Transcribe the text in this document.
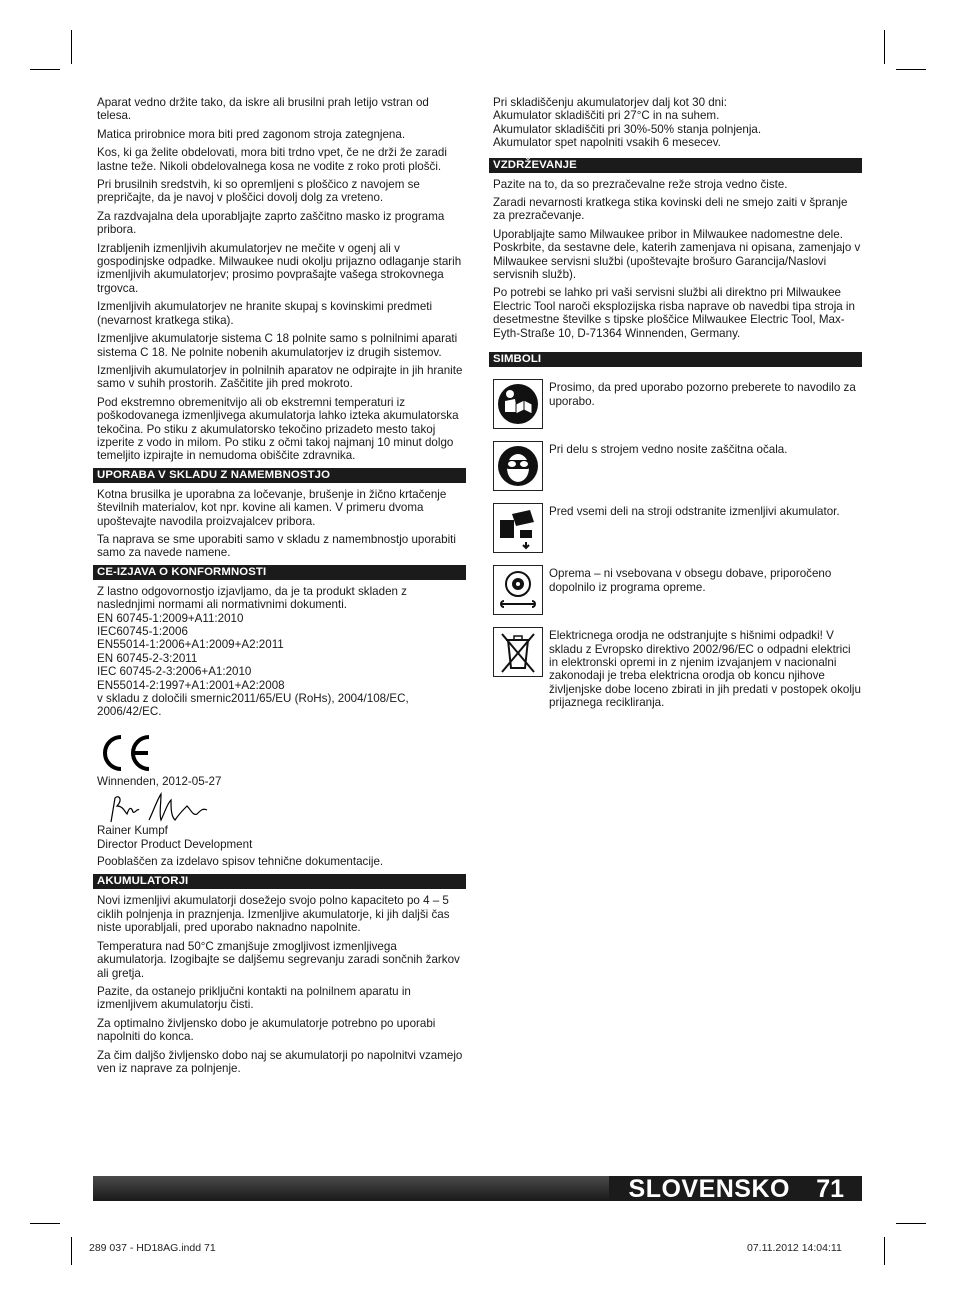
Aparat vedno držite tako, da iskre ali brusilni prah letijo vstran od telesa.

Matica prirobnice mora biti pred zagonom stroja zategnjena.

Kos, ki ga želite obdelovati, mora biti trdno vpet, če ne drži že zaradi lastne teže. Nikoli obdelovalnega kosa ne vodite z roko proti plošči.

Pri brusilnih sredstvih, ki so opremljeni s ploščico z navojem se prepričajte, da je navoj v ploščici dovolj dolg za vreteno.

Za razdvajalna dela uporabljajte zaprto zaščitno masko iz programa pribora.

Izrabljenih izmenljivih akumulatorjev ne mečite v ogenj ali v gospodinjske odpadke. Milwaukee nudi okolju prijazno odlaganje starih izmenljivih akumulatorjev; prosimo povprašajte vašega strokovnega trgovca.

Izmenljivih akumulatorjev ne hranite skupaj s kovinskimi predmeti (nevarnost kratkega stika).

Izmenljive akumulatorje sistema C 18 polnite samo s polnilnimi aparati sistema C 18. Ne polnite nobenih akumulatorjev iz drugih sistemov.

Izmenljivih akumulatorjev in polnilnih aparatov ne odpirajte in jih hranite samo v suhih prostorih. Zaščitite jih pred mokroto.

Pod ekstremno obremenitvijo ali ob ekstremni temperaturi iz poškodovanega izmenljivega akumulatorja lahko izteka akumulatorska tekočina. Po stiku z akumulatorsko tekočino prizadeto mesto takoj izperite z vodo in milom. Po stiku z očmi takoj najmanj 10 minut dolgo temeljito izpirajte in nemudoma obiščite zdravnika.

UPORABA V SKLADU Z NAMEMBNOSTJO

Kotna brusilka je uporabna za ločevanje, brušenje in žično krtačenje številnih materialov, kot npr. kovine ali kamen. V primeru dvoma upoštevajte navodila proizvajalcev pribora.

Ta naprava se sme uporabiti samo v skladu z namembnostjo uporabiti samo za navede namene.

CE-IZJAVA O KONFORMNOSTI
Z lastno odgovornostjo izjavljamo, da je ta produkt skladen z
naslednjimi normami ali normativnimi dokumenti.
EN 60745-1:2009+A11:2010
IEC60745-1:2006
EN55014-1:2006+A1:2009+A2:2011
EN 60745-2-3:2011
IEC 60745-2-3:2006+A1:2010
EN55014-2:1997+A1:2001+A2:2008
v skladu z določili smernic2011/65/EU (RoHs), 2004/108/EC,
2006/42/EC.
Winnenden, 2012-05-27
Rainer Kumpf
Director Product Development

Pooblaščen za izdelavo spisov tehnične dokumentacije.

AKUMULATORJI

Novi izmenljivi akumulatorji dosežejo svojo polno kapaciteto po 4 – 5 ciklih polnjenja in praznjenja. Izmenljive akumulatorje, ki jih daljši čas niste uporabljali, pred uporabo naknadno napolnite.

Temperatura nad 50°C zmanjšuje zmogljivost izmenljivega akumulatorja. Izogibajte se daljšemu segrevanju zaradi sončnih žarkov ali gretja.

Pazite, da ostanejo priključni kontakti na polnilnem aparatu in izmenljivem akumulatorju čisti.

Za optimalno življensko dobo je akumulatorje potrebno po uporabi napolniti do konca.

Za čim daljšo življensko dobo naj se akumulatorji po napolnitvi vzamejo ven iz naprave za polnjenje.

Pri skladiščenju akumulatorjev dalj kot 30 dni:
Akumulator skladiščiti pri 27°C in na suhem.
Akumulator skladiščiti pri 30%-50% stanja polnjenja.
Akumulator spet napolniti vsakih 6 mesecev.
VZDRŽEVANJE

Pazite na to, da so prezračevalne reže stroja vedno čiste.

Zaradi nevarnosti kratkega stika kovinski deli ne smejo zaiti v špranje za prezračevanje.

Uporabljajte samo Milwaukee pribor in Milwaukee nadomestne dele. Poskrbite, da sestavne dele, katerih zamenjava ni opisana, zamenjajo v Milwaukee servisni službi (upoštevajte brošuro Garancija/Naslovi servisnih služb).

Po potrebi se lahko pri vaši servisni službi ali direktno pri Milwaukee Electric Tool naroči eksplozijska risba naprave ob navedbi tipa stroja in desetmestne številke s tipske ploščice Milwaukee Electric Tool, Max-Eyth-Straße 10, D-71364 Winnenden, Germany.

SIMBOLI
Prosimo, da pred uporabo pozorno preberete to navodilo za uporabo.
Pri delu s strojem vedno nosite zaščitna očala.
Pred vsemi deli na stroji odstranite izmenljivi akumulator.
Oprema – ni vsebovana v obsegu dobave, priporočeno dopolnilo iz programa opreme.
Elektricnega orodja ne odstranjujte s hišnimi odpadki! V skladu z Evropsko direktivo 2002/96/EC o odpadni elektrici in elektronski opremi in z njenim izvajanjem v nacionalni zakonodaji je treba elektricna orodja ob koncu njihove življenjske dobe loceno zbirati in jih predati v postopek okolju prijaznega recikliranja.
SLOVENSKO 71
289 037 - HD18AG.indd 71	07.11.2012 14:04:11
